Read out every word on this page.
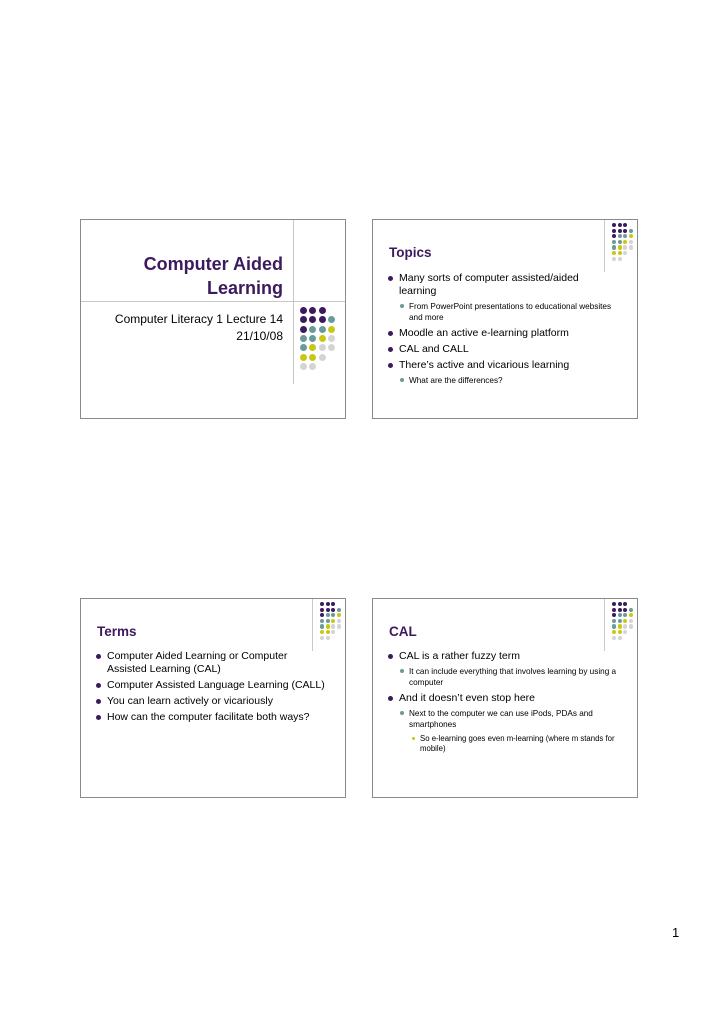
Computer Aided
Learning
Computer Literacy 1 Lecture 14
21/10/08
Topics
Many sorts of computer assisted/aided learning
From PowerPoint presentations to educational websites and more
Moodle an active e-learning platform
CAL and CALL
There’s active and vicarious learning
What are the differences?
Terms
Computer Aided Learning or Computer Assisted Learning (CAL)
Computer Assisted Language Learning (CALL)
You can learn actively or vicariously
How can the computer facilitate both ways?
CAL
CAL is a rather fuzzy term
It can include everything that involves learning by using a computer
And it doesn’t even stop here
Next to the computer we can use iPods, PDAs and smartphones
So e-learning goes even m-learning (where m stands for mobile)
1
